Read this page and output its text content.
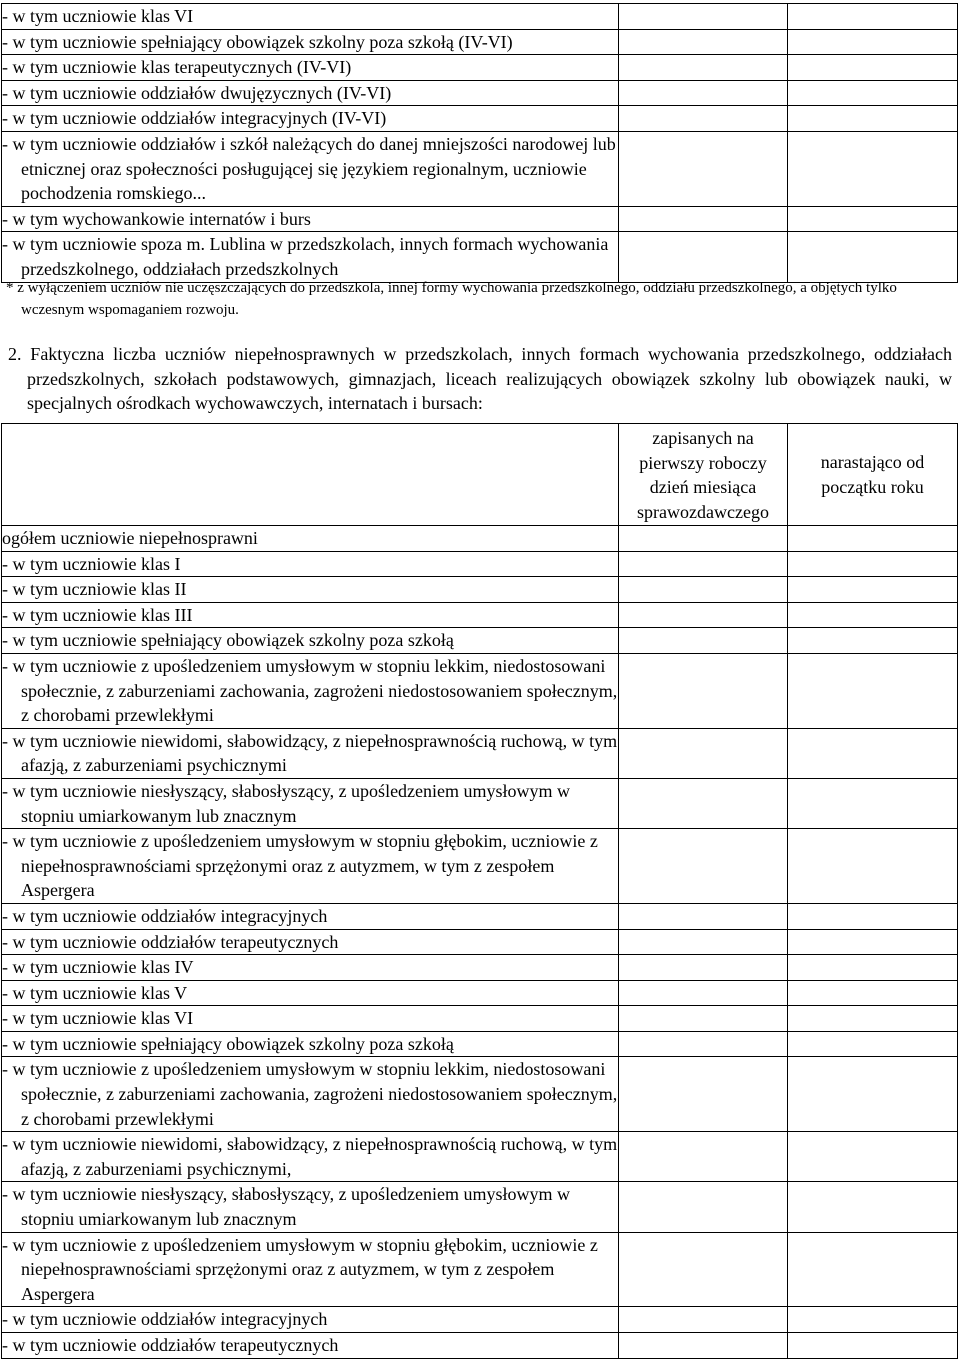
- w tym uczniowie klas VI		

- w tym uczniowie spełniający obowiązek szkolny poza szkołą (IV-VI)		

- w tym uczniowie klas terapeutycznych (IV-VI)		

- w tym uczniowie oddziałów dwujęzycznych (IV-VI)		

- w tym uczniowie oddziałów integracyjnych (IV-VI)		

- w tym uczniowie oddziałów i szkół należących do danej mniejszości narodowej lub etnicznej oraz społeczności posługującej się językiem regionalnym, uczniowie pochodzenia romskiego...		

- w tym wychowankowie internatów i burs		

- w tym uczniowie spoza m. Lublina w przedszkolach, innych formach wychowania przedszkolnego, oddziałach przedszkolnych		

* z wyłączeniem uczniów nie uczęszczających do przedszkola, innej formy wychowania przedszkolnego, oddziału przedszkolnego, a objętych tylko wczesnym wspomaganiem rozwoju.
2. Faktyczna liczba uczniów niepełnosprawnych w przedszkolach, innych formach wychowania przedszkolnego, oddziałach przedszkolnych, szkołach podstawowych, gimnazjach, liceach realizujących obowiązek szkolny lub obowiązek nauki, w specjalnych ośrodkach wychowawczych, internatach i bursach:

	zapisanych na pierwszy roboczy dzień miesiąca sprawozdawczego	narastająco od początku roku

ogółem uczniowie niepełnosprawni		

- w tym uczniowie klas I		

- w tym uczniowie klas II		

- w tym uczniowie klas III		

- w tym uczniowie spełniający obowiązek szkolny poza szkołą		

- w tym uczniowie z upośledzeniem umysłowym w stopniu lekkim, niedostosowani społecznie, z zaburzeniami zachowania, zagrożeni niedostosowaniem społecznym, z chorobami przewlekłymi		

- w tym uczniowie niewidomi, słabowidzący, z niepełnosprawnością ruchową, w tym afazją, z zaburzeniami psychicznymi		

- w tym uczniowie niesłyszący, słabosłyszący, z upośledzeniem umysłowym w stopniu umiarkowanym lub znacznym		

- w tym uczniowie z upośledzeniem umysłowym w stopniu głębokim, uczniowie z niepełnosprawnościami sprzężonymi oraz z autyzmem, w tym z zespołem Aspergera		

- w tym uczniowie oddziałów integracyjnych		

- w tym uczniowie oddziałów terapeutycznych		

- w tym uczniowie klas IV		

- w tym uczniowie klas V		

- w tym uczniowie klas VI		

- w tym uczniowie spełniający obowiązek szkolny poza szkołą		

- w tym uczniowie z upośledzeniem umysłowym w stopniu lekkim, niedostosowani społecznie, z zaburzeniami zachowania, zagrożeni niedostosowaniem społecznym, z chorobami przewlekłymi		

- w tym uczniowie niewidomi, słabowidzący, z niepełnosprawnością ruchową, w tym afazją, z zaburzeniami psychicznymi,		

- w tym uczniowie niesłyszący, słabosłyszący, z upośledzeniem umysłowym w stopniu umiarkowanym lub znacznym		

- w tym uczniowie z upośledzeniem umysłowym w stopniu głębokim, uczniowie z niepełnosprawnościami sprzężonymi oraz z autyzmem, w tym z zespołem Aspergera		

- w tym uczniowie oddziałów integracyjnych		

- w tym uczniowie oddziałów terapeutycznych		
